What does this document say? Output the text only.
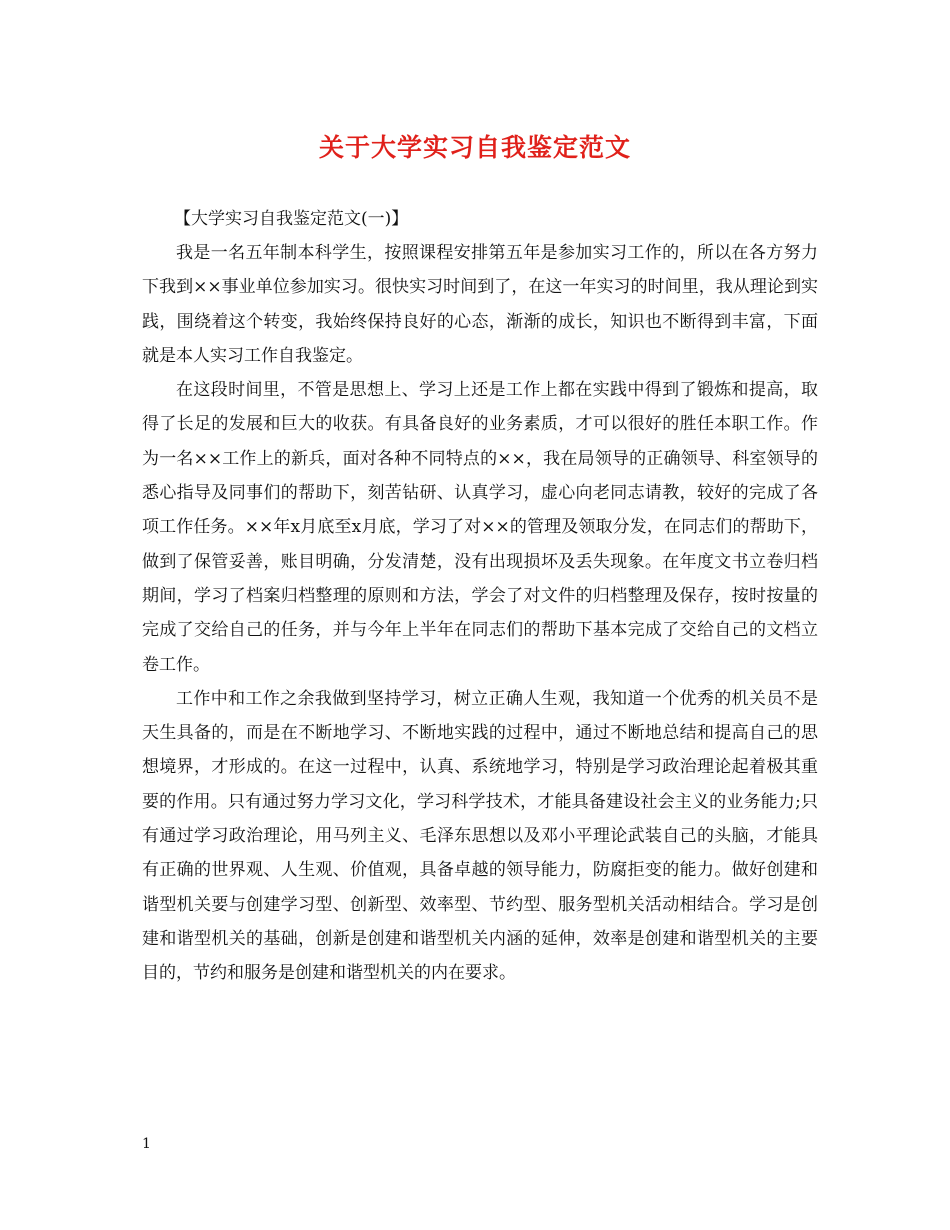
关于大学实习自我鉴定范文

【大学实习自我鉴定范文(一)】

我是一名五年制本科学生，按照课程安排第五年是参加实习工作的，所以在各方努力下我到××事业单位参加实习。很快实习时间到了，在这一年实习的时间里，我从理论到实践，围绕着这个转变，我始终保持良好的心态，渐渐的成长，知识也不断得到丰富，下面就是本人实习工作自我鉴定。

在这段时间里，不管是思想上、学习上还是工作上都在实践中得到了锻炼和提高，取得了长足的发展和巨大的收获。有具备良好的业务素质，才可以很好的胜任本职工作。作为一名××工作上的新兵，面对各种不同特点的××，我在局领导的正确领导、科室领导的悉心指导及同事们的帮助下，刻苦钻研、认真学习，虚心向老同志请教，较好的完成了各项工作任务。××年x月底至x月底，学习了对××的管理及领取分发，在同志们的帮助下，做到了保管妥善，账目明确，分发清楚，没有出现损坏及丢失现象。在年度文书立卷归档期间，学习了档案归档整理的原则和方法，学会了对文件的归档整理及保存，按时按量的完成了交给自己的任务，并与今年上半年在同志们的帮助下基本完成了交给自己的文档立卷工作。

工作中和工作之余我做到坚持学习，树立正确人生观，我知道一个优秀的机关员不是天生具备的，而是在不断地学习、不断地实践的过程中，通过不断地总结和提高自己的思想境界，才形成的。在这一过程中，认真、系统地学习，特别是学习政治理论起着极其重要的作用。只有通过努力学习文化，学习科学技术，才能具备建设社会主义的业务能力;只有通过学习政治理论，用马列主义、毛泽东思想以及邓小平理论武装自己的头脑，才能具有正确的世界观、人生观、价值观，具备卓越的领导能力，防腐拒变的能力。做好创建和谐型机关要与创建学习型、创新型、效率型、节约型、服务型机关活动相结合。学习是创建和谐型机关的基础，创新是创建和谐型机关内涵的延伸，效率是创建和谐型机关的主要目的，节约和服务是创建和谐型机关的内在要求。

1
